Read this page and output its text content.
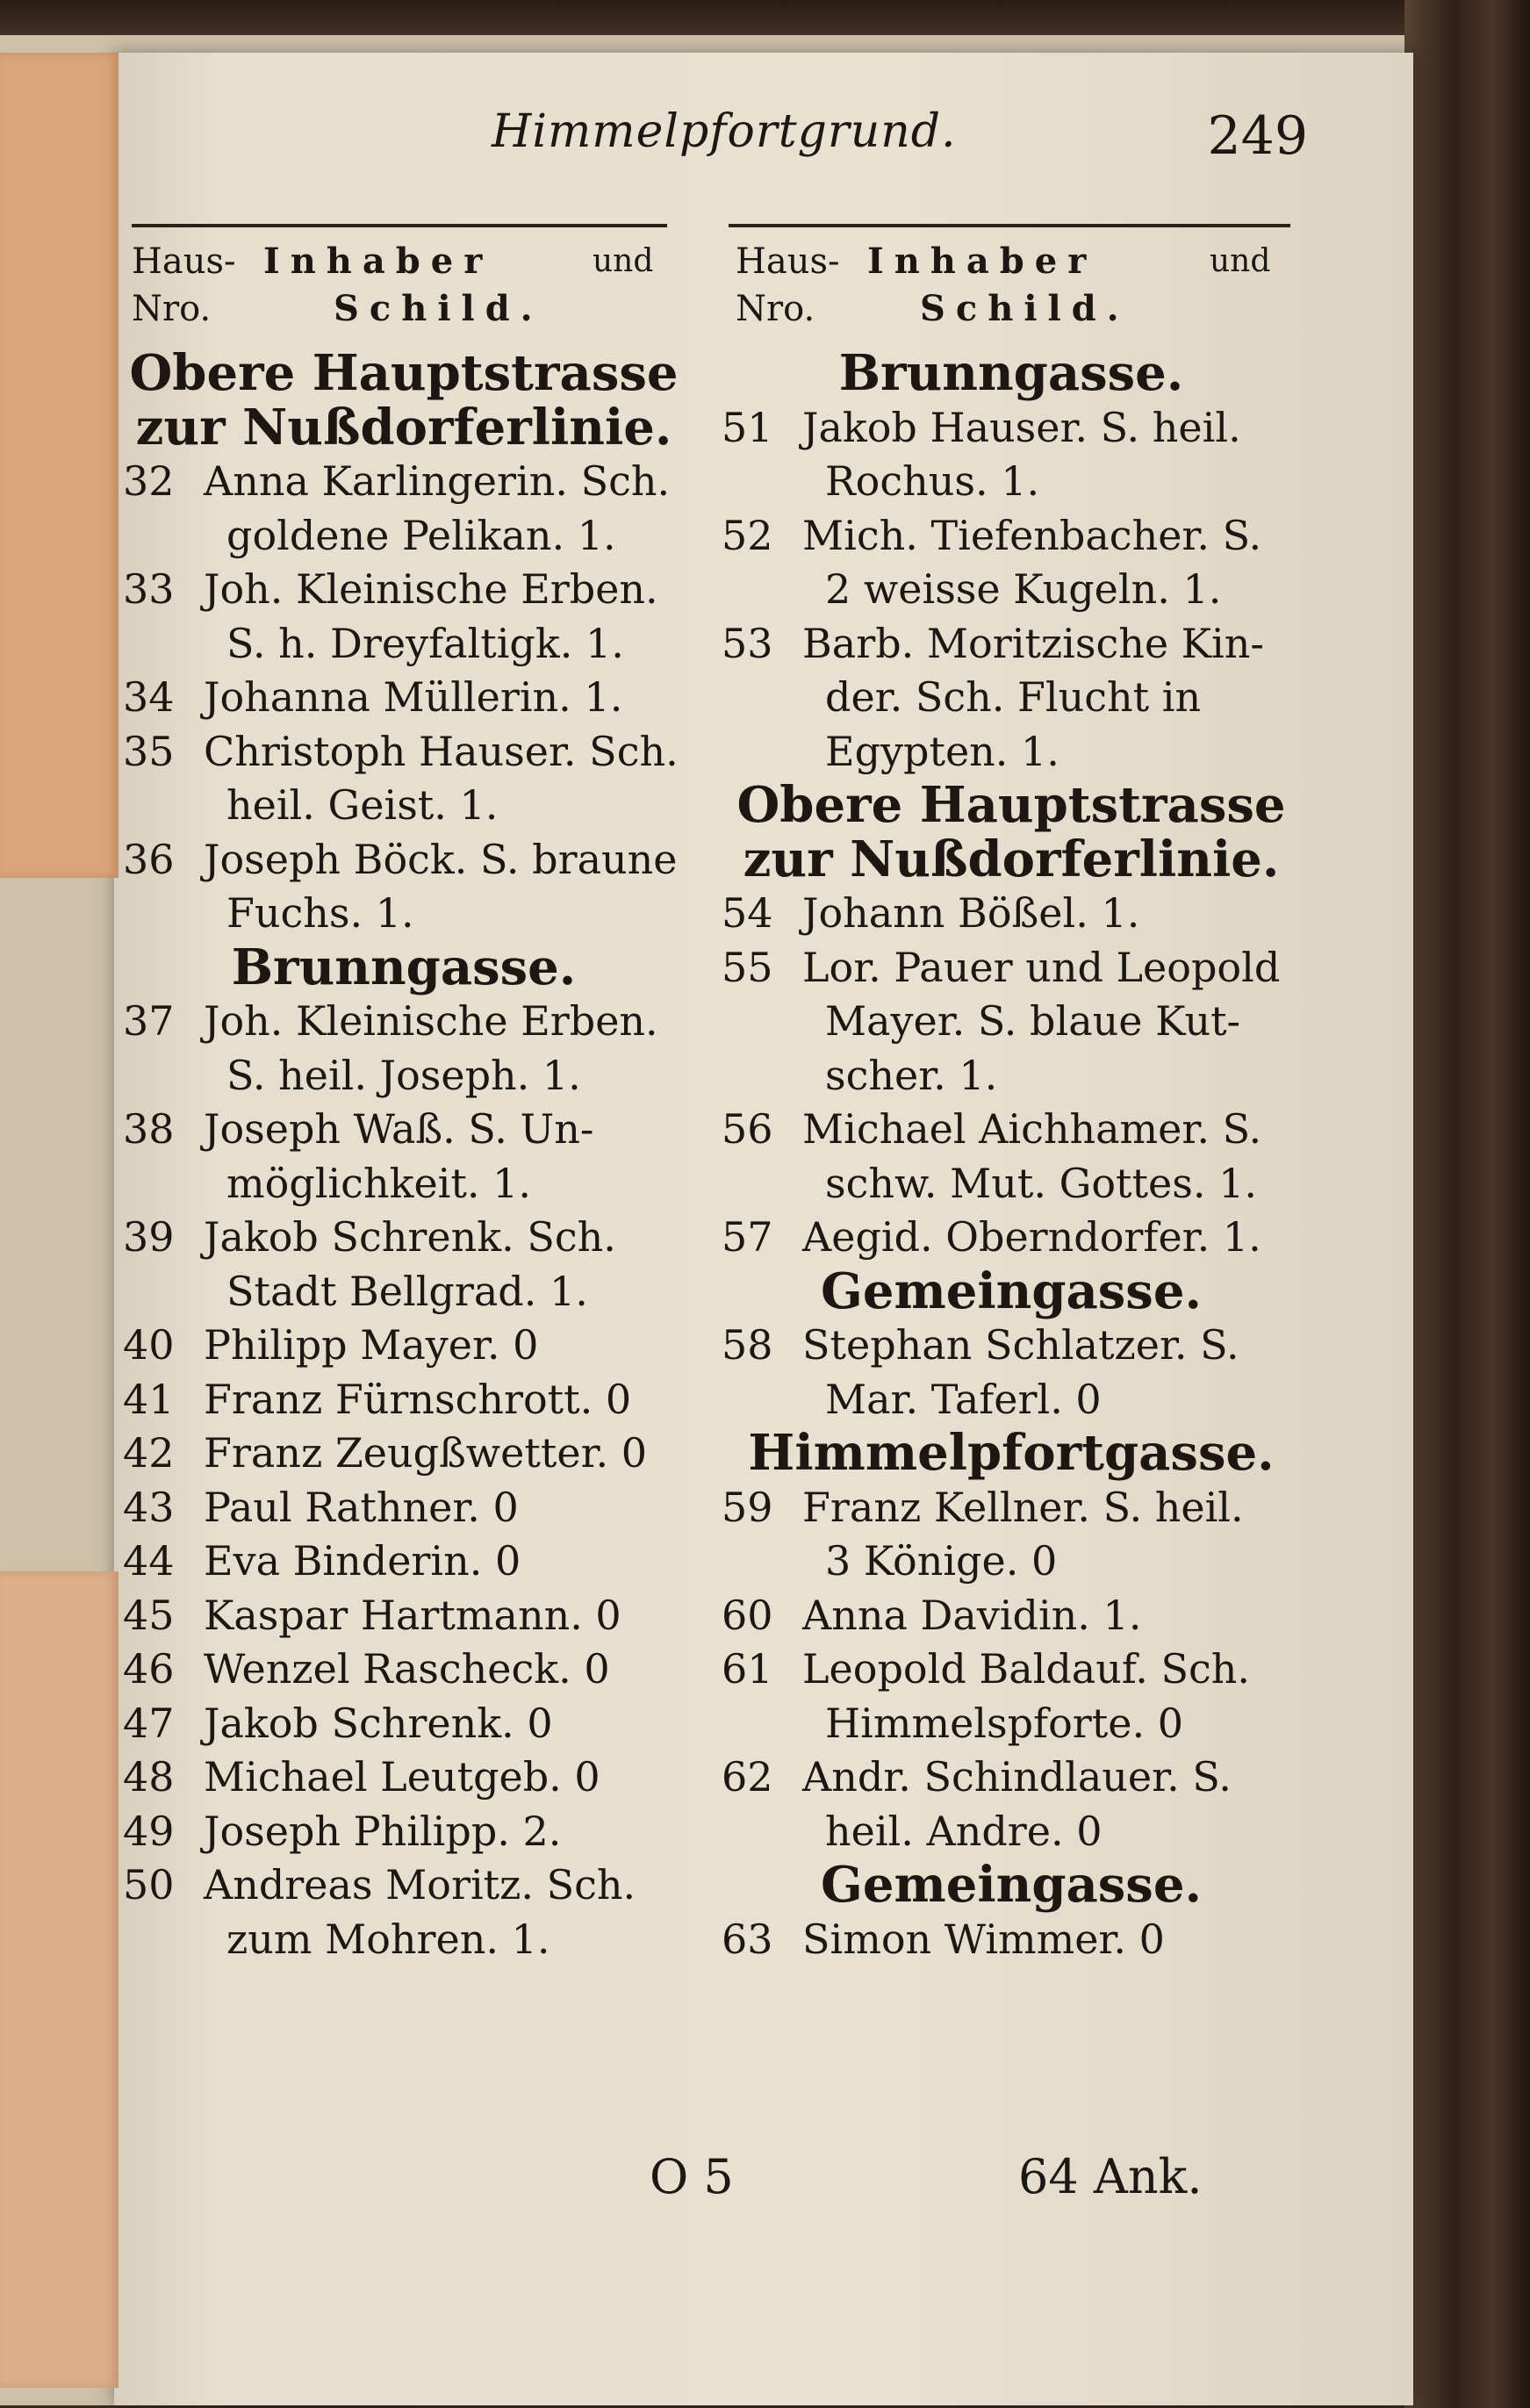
Himmelpfortgrund.	249
Haus- Inhaber	und
Nro.	Schild.
Haus- Inhaber	und
Nro.	Schild.
Obere Hauptstrasse
zur Nußdorferlinie.
32 Anna Karlingerin. Sch.
goldene Pelikan. 1.
33 Joh. Kleinische Erben.
S. h. Dreyfaltigk. 1.
34 Johanna Müllerin. 1.
35 Christoph Hauser. Sch.
heil. Geist. 1.
36 Joseph Böck. S. braune
Fuchs. 1.
Brunngasse.
37 Joh. Kleinische Erben.
S. heil. Joseph. 1.
38 Joseph Waß. S. Un-
möglichkeit. 1.
39 Jakob Schrenk. Sch.
Stadt Bellgrad. 1.
40 Philipp Mayer. 0
41 Franz Fürnschrott. 0
42 Franz Zeugßwetter. 0
43 Paul Rathner. 0
44 Eva Binderin. 0
45 Kaspar Hartmann. 0
46 Wenzel Rascheck. 0
47 Jakob Schrenk. 0
48 Michael Leutgeb. 0
49 Joseph Philipp. 2.
50 Andreas Moritz. Sch.
zum Mohren. 1.
Brunngasse.
51 Jakob Hauser. S. heil.
Rochus. 1.
52 Mich. Tiefenbacher. S.
2 weisse Kugeln. 1.
53 Barb. Moritzische Kin-
der. Sch. Flucht in
Egypten. 1.
Obere Hauptstrasse
zur Nußdorferlinie.
54 Johann Bößel. 1.
55 Lor. Pauer und Leopold
Mayer. S. blaue Kut-
scher. 1.
56 Michael Aichhamer. S.
schw. Mut. Gottes. 1.
57 Aegid. Oberndorfer. 1.
Gemeingasse.
58 Stephan Schlatzer. S.
Mar. Taferl. 0
Himmelpfortgasse.
59 Franz Kellner. S. heil.
3 Könige. 0
60 Anna Davidin. 1.
61 Leopold Baldauf. Sch.
Himmelspforte. 0
62 Andr. Schindlauer. S.
heil. Andre. 0
Gemeingasse.
63 Simon Wimmer. 0
O 5	64 Ank.
